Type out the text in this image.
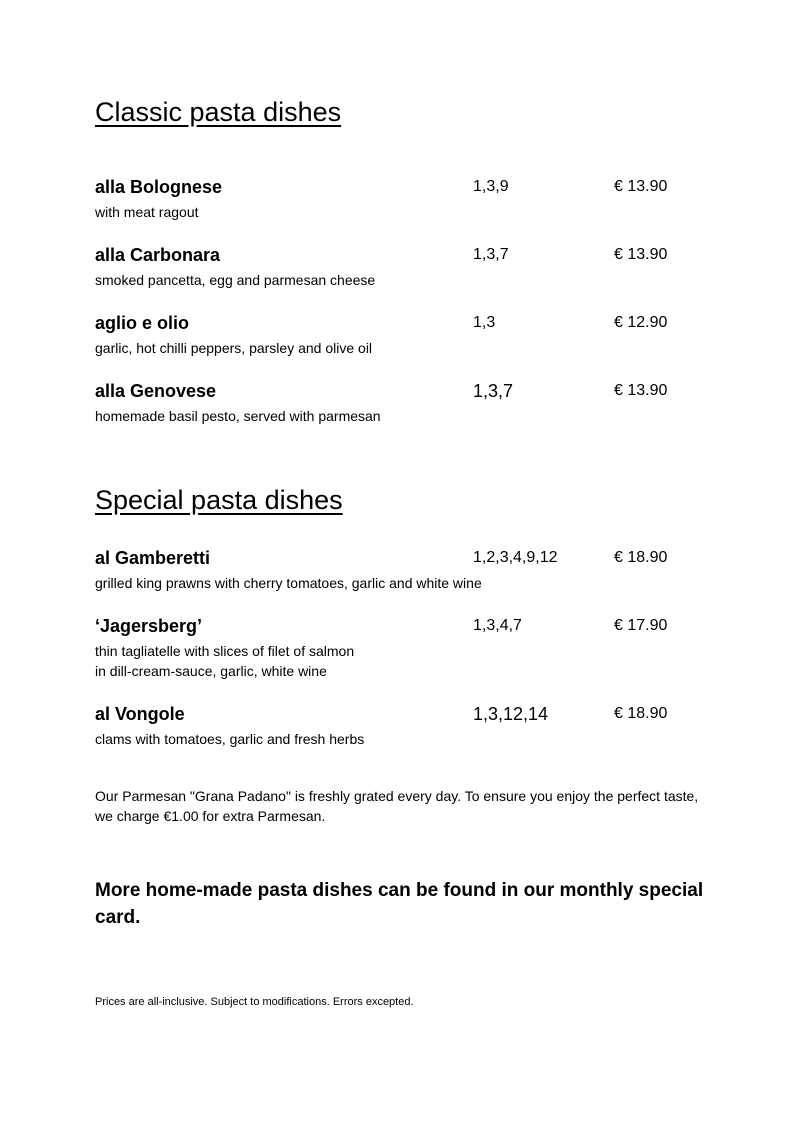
Classic pasta dishes
alla Bolognese	1,3,9	€ 13.90
with meat ragout
alla Carbonara	1,3,7	€ 13.90
smoked pancetta, egg and parmesan cheese
aglio e olio	1,3	€ 12.90
garlic, hot chilli peppers, parsley and olive oil
alla Genovese	1,3,7	€ 13.90
homemade basil pesto, served with parmesan
Special pasta dishes
al Gamberetti	1,2,3,4,9,12	€ 18.90
grilled king prawns with cherry tomatoes, garlic and white wine
‘Jagersberg’	1,3,4,7	€ 17.90
thin tagliatelle with slices of filet of salmon
in dill-cream-sauce, garlic, white wine
al Vongole	1,3,12,14	€ 18.90
clams with tomatoes, garlic and fresh herbs
Our Parmesan "Grana Padano" is freshly grated every day. To ensure you enjoy the perfect taste, we charge €1.00 for extra Parmesan.
More home-made pasta dishes can be found in our monthly special card.
Prices are all-inclusive. Subject to modifications. Errors excepted.
